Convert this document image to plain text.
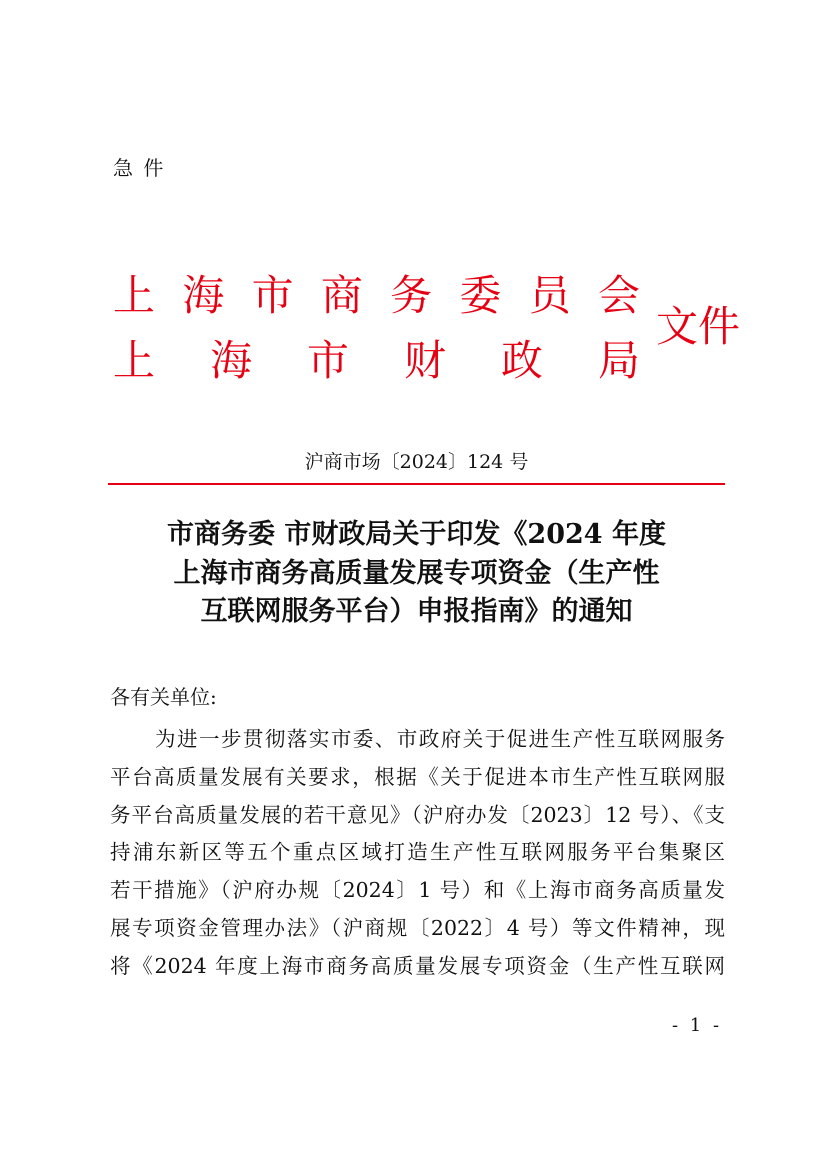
急 件
上海市商务委员会
上海市财政局
文件
沪商市场〔2024〕124 号
市商务委 市财政局关于印发《2024 年度
上海市商务高质量发展专项资金（生产性
互联网服务平台）申报指南》的通知
各有关单位:
为进一步贯彻落实市委、市政府关于促进生产性互联网服务
平台高质量发展有关要求，根据《关于促进本市生产性互联网服
务平台高质量发展的若干意见》（沪府办发〔2023〕12 号）、《支
持浦东新区等五个重点区域打造生产性互联网服务平台集聚区
若干措施》（沪府办规〔2024〕1 号）和《上海市商务高质量发
展专项资金管理办法》（沪商规〔2022〕4 号）等文件精神，现
将《2024 年度上海市商务高质量发展专项资金（生产性互联网
- 1 -
